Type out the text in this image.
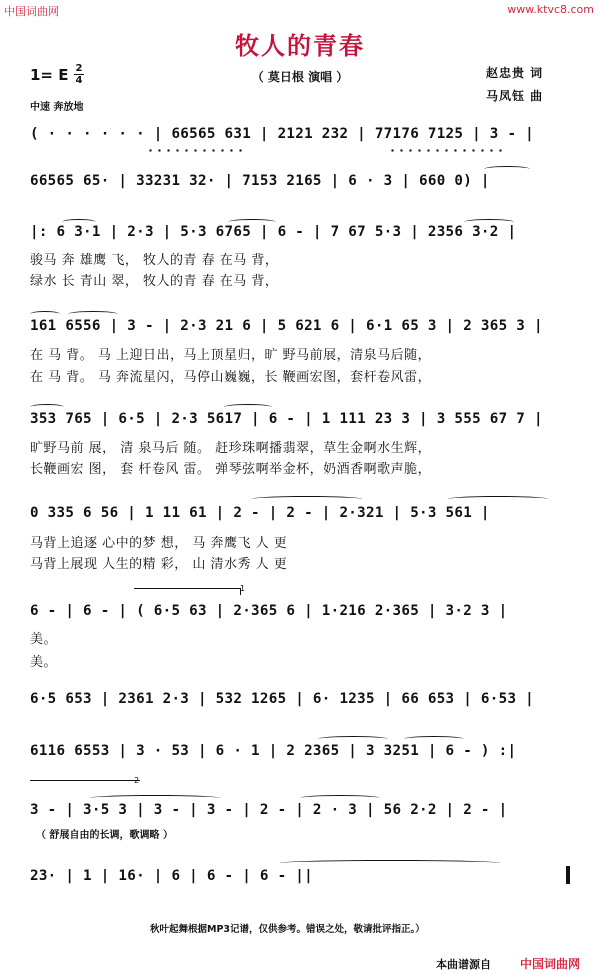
中国词曲网	www.ktvc8.com
牧人的青春
（ 莫日根 演唱 ）
1= E 2
4
中速 奔放地
赵忠贵 词
马凤钰 曲
( · · · · · · | 66565 631 | 2121 232 | 77176 7125 | 3 - |
66565 65· | 33231 32· | 7153 2165 | 6 · 3 | 660 0) |
|: 6 3·1 | 2·3 | 5·3 6765 | 6 - | 7 67 5·3 | 2356 3·2 |
骏马 奔 雄鹰 飞， 牧人的青 春 在马 背，
绿水 长 青山 翠， 牧人的青 春 在马 背，
161 6556 | 3 - | 2·3 21 6 | 5 621 6 | 6·1 65 3 | 2 365 3 |
在 马 背。 马 上迎日出，马上顶星归，旷 野马前展，清泉马后随，
在 马 背。 马 奔流星闪，马停山巍巍，长 鞭画宏图，套杆卷风雷，
353 765 | 6·5 | 2·3 5617 | 6 - | 1 111 23 3 | 3 555 67 7 |
旷野马前 展， 清 泉马后 随。 赶珍珠啊播翡翠，草生金啊水生辉，
长鞭画宏 图， 套 杆卷风 雷。 弹琴弦啊举金杯，奶酒香啊歌声脆，
0 335 6 56 | 1 11 61 | 2 - | 2 - | 2·321 | 5·3 561 |
马背上追逐 心中的梦 想， 马 奔鹰飞 人 更
马背上展现 人生的精 彩， 山 清水秀 人 更
1
6 - | 6 - | ( 6·5 63 | 2·365 6 | 1·216 2·365 | 3·2 3 |
美。
美。
6·5 653 | 2361 2·3 | 532 1265 | 6· 1235 | 66 653 | 6·53 |
6116 6553 | 3 · 53 | 6 · 1 | 2 2365 | 3 3251 | 6 - ) :|
2
3 - | 3·5 3 | 3 - | 3 - | 2 - | 2 · 3 | 56 2·2 | 2 - |
（ 舒展自由的长调，歌调略 ）
23· | 1 | 16· | 6 | 6 - | 6 - ||
秋叶起舞根据MP3记谱，仅供参考。错误之处，敬请批评指正。）
本曲谱源自 中国词曲网
